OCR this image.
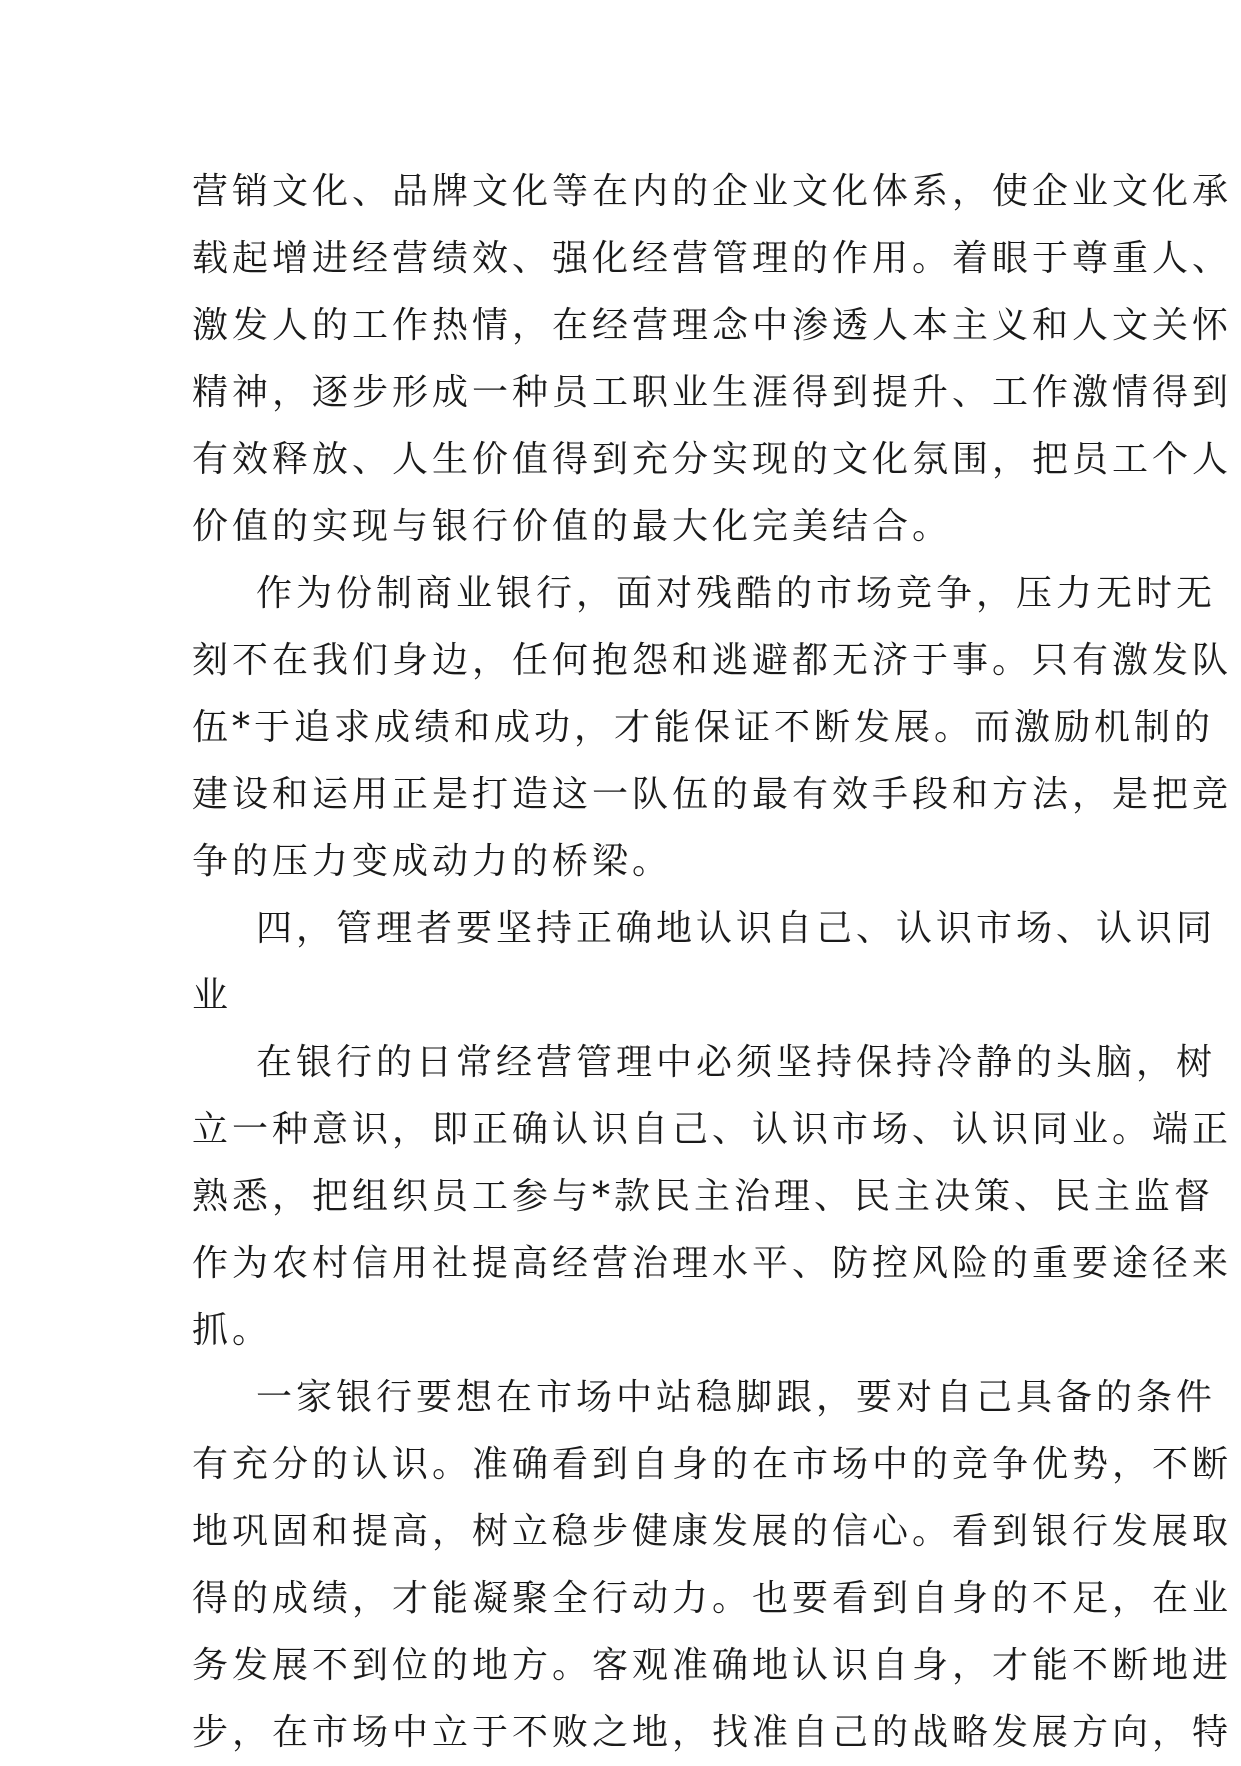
营销文化、品牌文化等在内的企业文化体系，使企业文化承
载起增进经营绩效、强化经营管理的作用。着眼于尊重人、
激发人的工作热情，在经营理念中渗透人本主义和人文关怀
精神，逐步形成一种员工职业生涯得到提升、工作激情得到
有效释放、人生价值得到充分实现的文化氛围，把员工个人
价值的实现与银行价值的最大化完美结合。
作为份制商业银行，面对残酷的市场竞争，压力无时无
刻不在我们身边，任何抱怨和逃避都无济于事。只有激发队
伍*于追求成绩和成功，才能保证不断发展。而激励机制的
建设和运用正是打造这一队伍的最有效手段和方法，是把竞
争的压力变成动力的桥梁。
四，管理者要坚持正确地认识自己、认识市场、认识同
业
在银行的日常经营管理中必须坚持保持冷静的头脑，树
立一种意识，即正确认识自己、认识市场、认识同业。端正
熟悉，把组织员工参与*款民主治理、民主决策、民主监督
作为农村信用社提高经营治理水平、防控风险的重要途径来
抓。
一家银行要想在市场中站稳脚跟，要对自己具备的条件
有充分的认识。准确看到自身的在市场中的竞争优势，不断
地巩固和提高，树立稳步健康发展的信心。看到银行发展取
得的成绩，才能凝聚全行动力。也要看到自身的不足，在业
务发展不到位的地方。客观准确地认识自身，才能不断地进
步，在市场中立于不败之地，找准自己的战略发展方向，特
